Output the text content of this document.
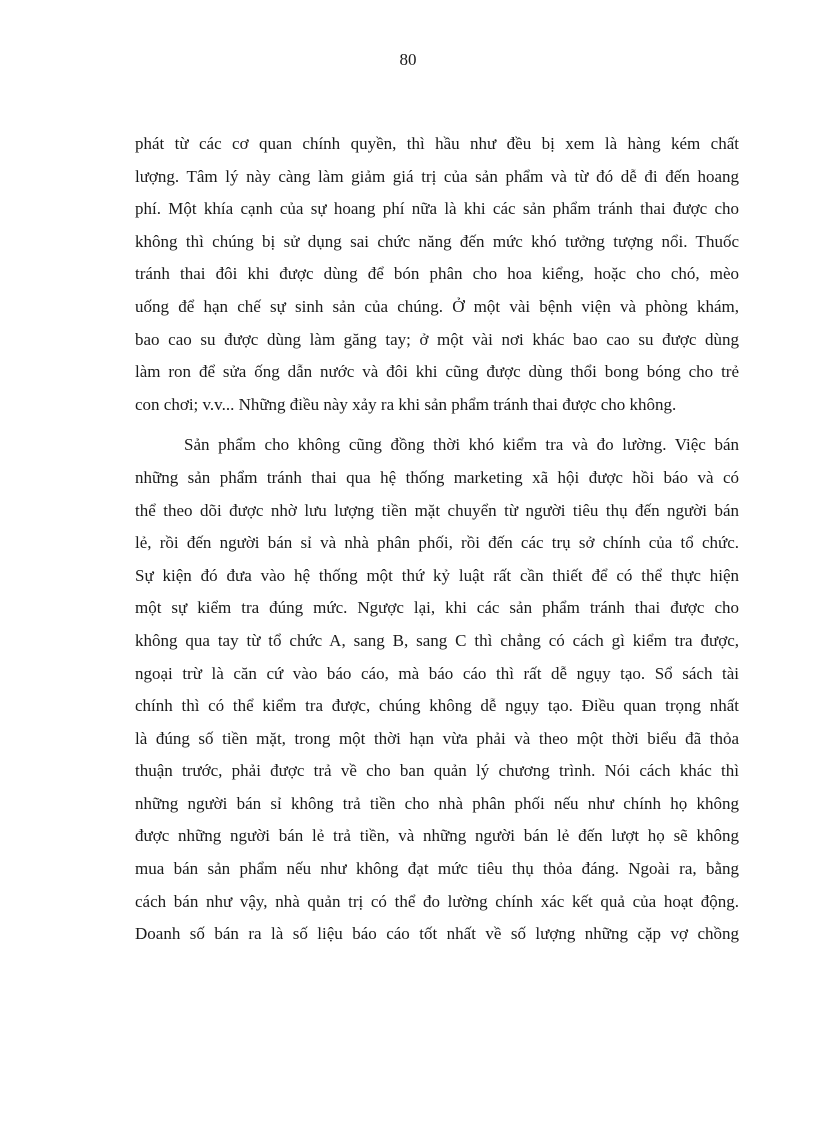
80

phát từ các cơ quan chính quyền, thì hầu như đều bị xem là hàng kém chất
lượng. Tâm lý này càng làm giảm giá trị của sản phẩm và từ đó dễ đi đến hoang
phí. Một khía cạnh của sự hoang phí nữa là khi các sản phẩm tránh thai được cho
không thì chúng bị sử dụng sai chức năng đến mức khó tưởng tượng nổi. Thuốc
tránh thai đôi khi được dùng để bón phân cho hoa kiểng, hoặc cho chó, mèo
uống để hạn chế sự sinh sản của chúng. Ở một vài bệnh viện và phòng khám,
bao cao su được dùng làm găng tay; ở một vài nơi khác bao cao su được dùng
làm ron để sửa ống dẫn nước và đôi khi cũng được dùng thổi bong bóng cho trẻ
con chơi; v.v... Những điều này xảy ra khi sản phẩm tránh thai được cho không.

Sản phẩm cho không cũng đồng thời khó kiểm tra và đo lường. Việc bán
những sản phẩm tránh thai qua hệ thống marketing xã hội được hồi báo và có
thể theo dõi được nhờ lưu lượng tiền mặt chuyển từ người tiêu thụ đến người bán
lẻ, rồi đến người bán sỉ và nhà phân phối, rồi đến các trụ sở chính của tổ chức.
Sự kiện đó đưa vào hệ thống một thứ kỷ luật rất cần thiết để có thể thực hiện
một sự kiểm tra đúng mức. Ngược lại, khi các sản phẩm tránh thai được cho
không qua tay từ tổ chức A, sang B, sang C thì chẳng có cách gì kiểm tra được,
ngoại trừ là căn cứ vào báo cáo, mà báo cáo thì rất dễ ngụy tạo. Sổ sách tài
chính thì có thể kiểm tra được, chúng không dễ ngụy tạo. Điều quan trọng nhất
là đúng số tiền mặt, trong một thời hạn vừa phải và theo một thời biểu đã thỏa
thuận trước, phải được trả về cho ban quản lý chương trình. Nói cách khác thì
những người bán sỉ không trả tiền cho nhà phân phối nếu như chính họ không
được những người bán lẻ trả tiền, và những người bán lẻ đến lượt họ sẽ không
mua bán sản phẩm nếu như không đạt mức tiêu thụ thỏa đáng. Ngoài ra, bằng
cách bán như vậy, nhà quản trị có thể đo lường chính xác kết quả của hoạt động.
Doanh số bán ra là số liệu báo cáo tốt nhất về số lượng những cặp vợ chồng
